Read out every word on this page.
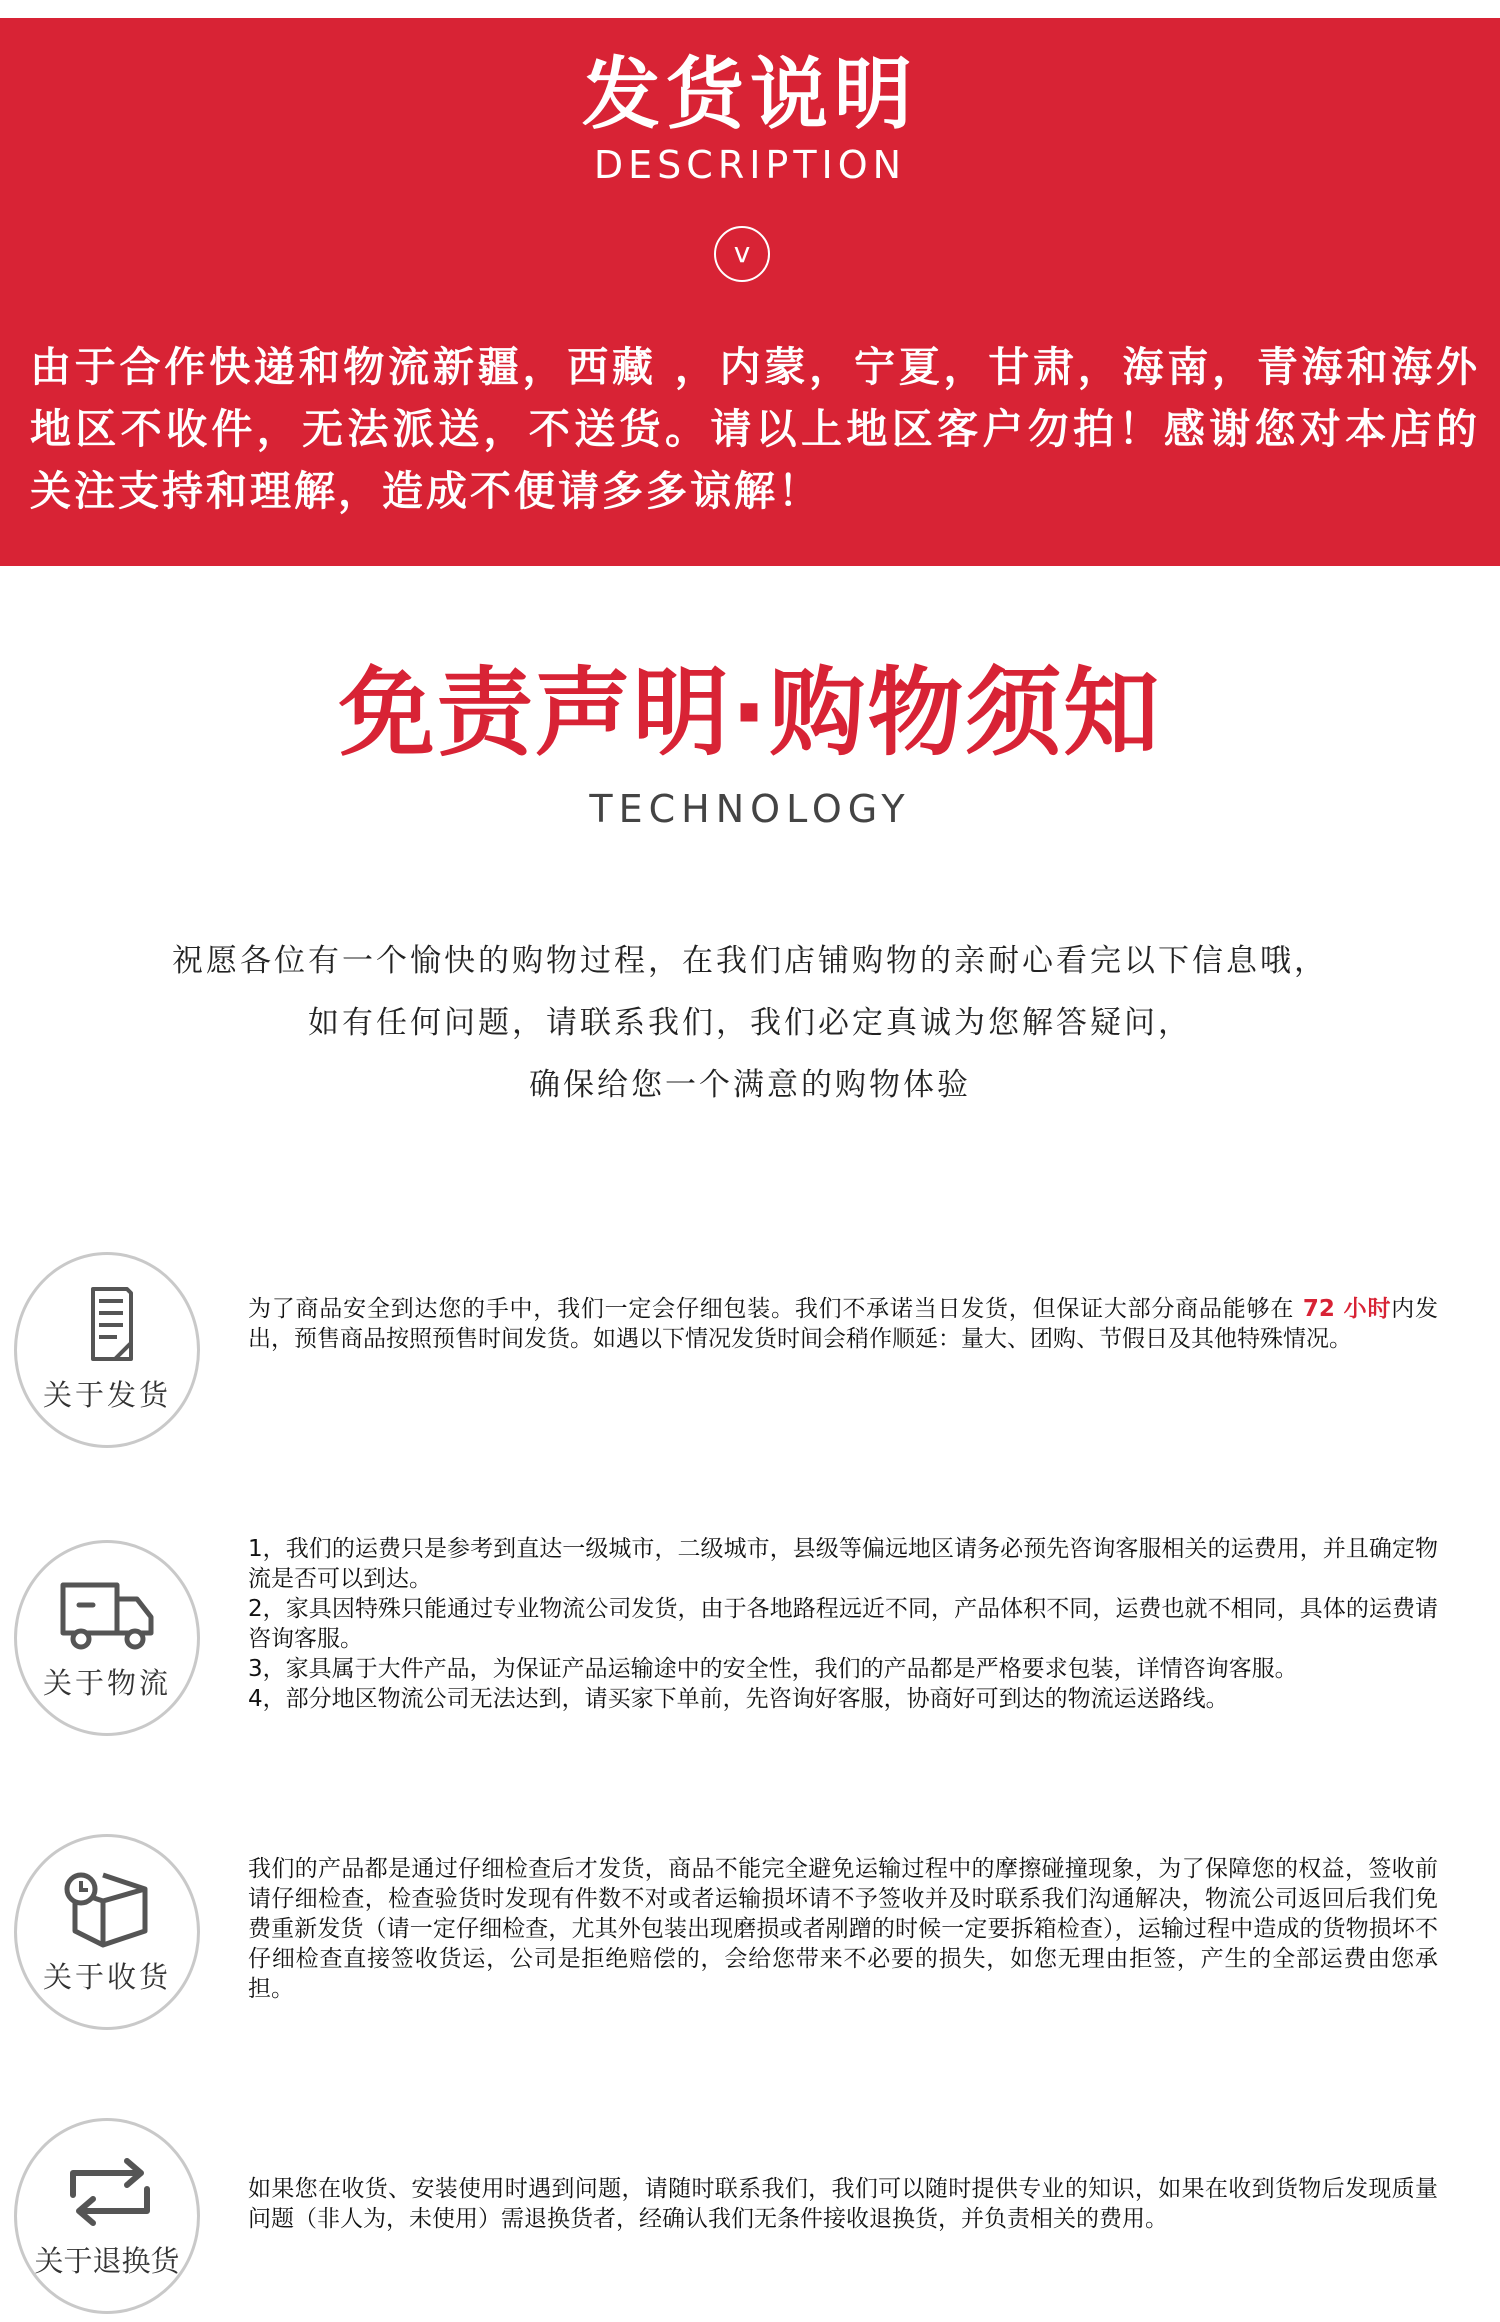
发货说明
DESCRIPTION
v
由于合作快递和物流新疆，西藏 ，内蒙，宁夏，甘肃，海南，青海和海外地区不收件，无法派送，不送货。请以上地区客户勿拍！感谢您对本店的关注支持和理解，造成不便请多多谅解！
免责声明·购物须知
TECHNOLOGY
祝愿各位有一个愉快的购物过程，在我们店铺购物的亲耐心看完以下信息哦，
如有任何问题，请联系我们，我们必定真诚为您解答疑问，
确保给您一个满意的购物体验
关于发货
为了商品安全到达您的手中，我们一定会仔细包装。我们不承诺当日发货，但保证大部分商品能够在 72 小时内发出，预售商品按照预售时间发货。如遇以下情况发货时间会稍作顺延：量大、团购、节假日及其他特殊情况。
关于物流

1，我们的运费只是参考到直达一级城市，二级城市，县级等偏远地区请务必预先咨询客服相关的运费用，并且确定物流是否可以到达。

2，家具因特殊只能通过专业物流公司发货，由于各地路程远近不同，产品体积不同，运费也就不相同，具体的运费请咨询客服。

3，家具属于大件产品，为保证产品运输途中的安全性，我们的产品都是严格要求包装，详情咨询客服。

4，部分地区物流公司无法达到，请买家下单前，先咨询好客服，协商好可到达的物流运送路线。

关于收货
我们的产品都是通过仔细检查后才发货，商品不能完全避免运输过程中的摩擦碰撞现象，为了保障您的权益，签收前请仔细检查，检查验货时发现有件数不对或者运输损坏请不予签收并及时联系我们沟通解决，物流公司返回后我们免费重新发货（请一定仔细检查，尤其外包装出现磨损或者剐蹭的时候一定要拆箱检查），运输过程中造成的货物损坏不仔细检查直接签收货运，公司是拒绝赔偿的，会给您带来不必要的损失，如您无理由拒签，产生的全部运费由您承担。
关于退换货
如果您在收货、安装使用时遇到问题，请随时联系我们，我们可以随时提供专业的知识，如果在收到货物后发现质量问题（非人为，未使用）需退换货者，经确认我们无条件接收退换货，并负责相关的费用。
